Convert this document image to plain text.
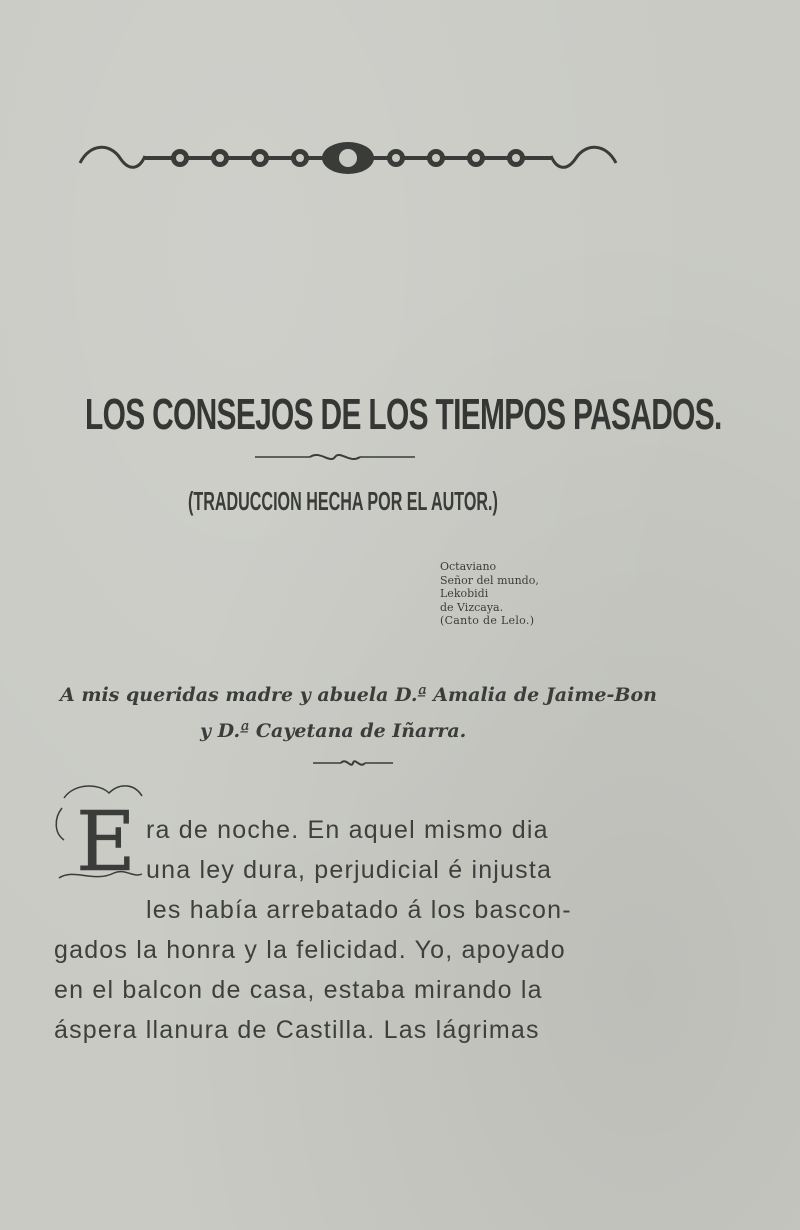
LOS CONSEJOS DE LOS TIEMPOS PASADOS.
(TRADUCCION HECHA POR EL AUTOR.)
Octaviano
Señor del mundo,
Lekobidi
de Vizcaya.
(Canto de Lelo.)
A mis queridas madre y abuela D.ª Amalia de Jaime-Bon
y D.ª Cayetana de Iñarra.
E ra de noche. En aquel mismo dia
una ley dura, perjudicial é injusta
les había arrebatado á los bascon-
gados la honra y la felicidad. Yo, apoyado
en el balcon de casa, estaba mirando la
áspera llanura de Castilla. Las lágrimas
